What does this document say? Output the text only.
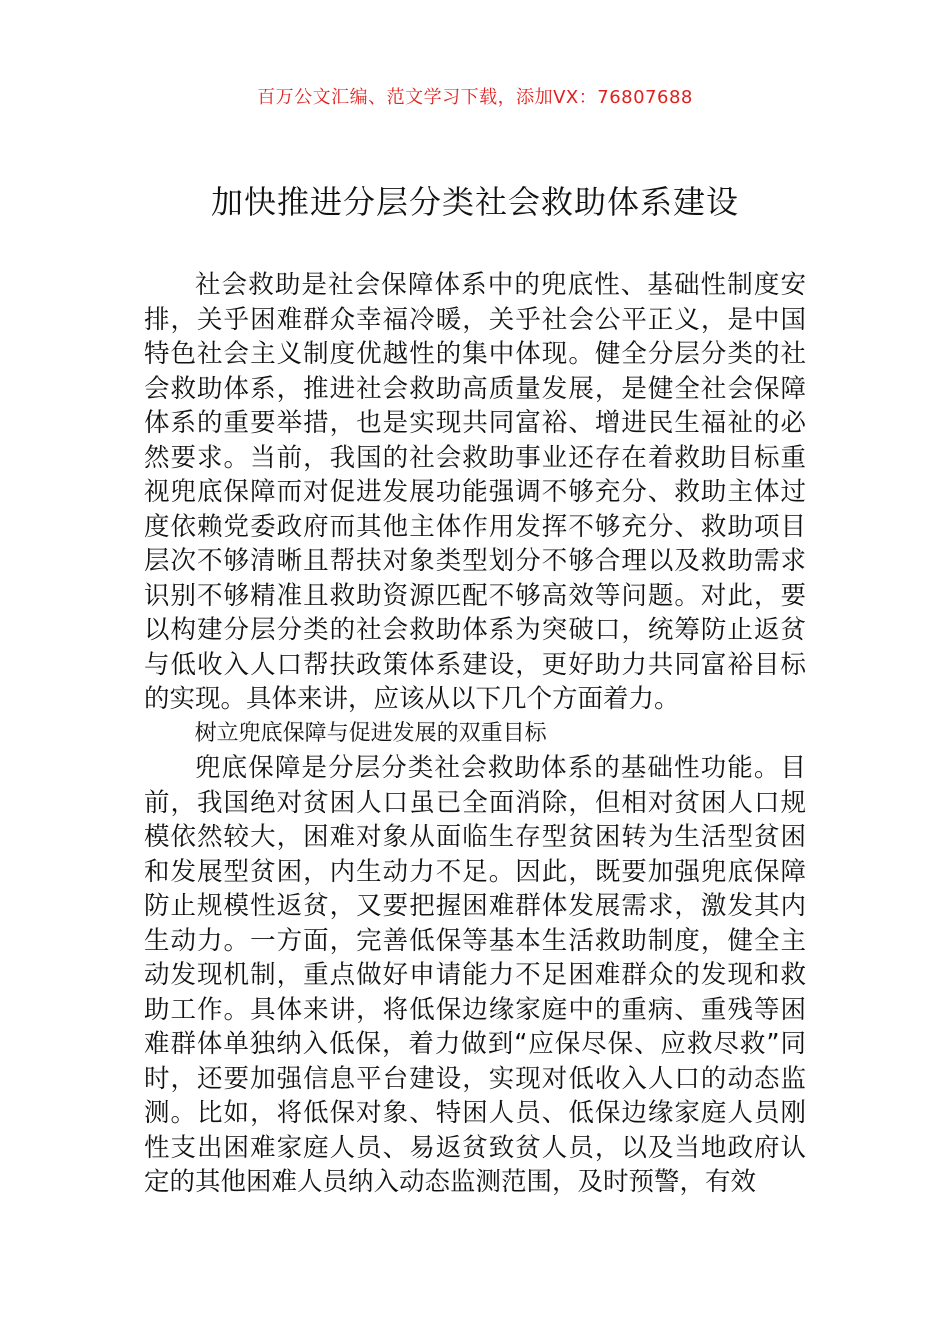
百万公文汇编、范文学习下载，添加VX：76807688
加快推进分层分类社会救助体系建设

社会救助是社会保障体系中的兜底性、基础性制度安排，关乎困难群众幸福冷暖，关乎社会公平正义，是中国特色社会主义制度优越性的集中体现。健全分层分类的社会救助体系，推进社会救助高质量发展，是健全社会保障体系的重要举措，也是实现共同富裕、增进民生福祉的必然要求。当前，我国的社会救助事业还存在着救助目标重视兜底保障而对促进发展功能强调不够充分、救助主体过度依赖党委政府而其他主体作用发挥不够充分、救助项目层次不够清晰且帮扶对象类型划分不够合理以及救助需求识别不够精准且救助资源匹配不够高效等问题。对此，要以构建分层分类的社会救助体系为突破口，统筹防止返贫与低收入人口帮扶政策体系建设，更好助力共同富裕目标的实现。具体来讲，应该从以下几个方面着力。

树立兜底保障与促进发展的双重目标

兜底保障是分层分类社会救助体系的基础性功能。目前，我国绝对贫困人口虽已全面消除，但相对贫困人口规模依然较大，困难对象从面临生存型贫困转为生活型贫困和发展型贫困，内生动力不足。因此，既要加强兜底保障防止规模性返贫，又要把握困难群体发展需求，激发其内生动力。一方面，完善低保等基本生活救助制度，健全主动发现机制，重点做好申请能力不足困难群众的发现和救助工作。具体来讲，将低保边缘家庭中的重病、重残等困难群体单独纳入低保，着力做到“应保尽保、应救尽救”同时，还要加强信息平台建设，实现对低收入人口的动态监测。比如，将低保对象、特困人员、低保边缘家庭人员刚性支出困难家庭人员、易返贫致贫人员，以及当地政府认定的其他困难人员纳入动态监测范围，及时预警，有效
